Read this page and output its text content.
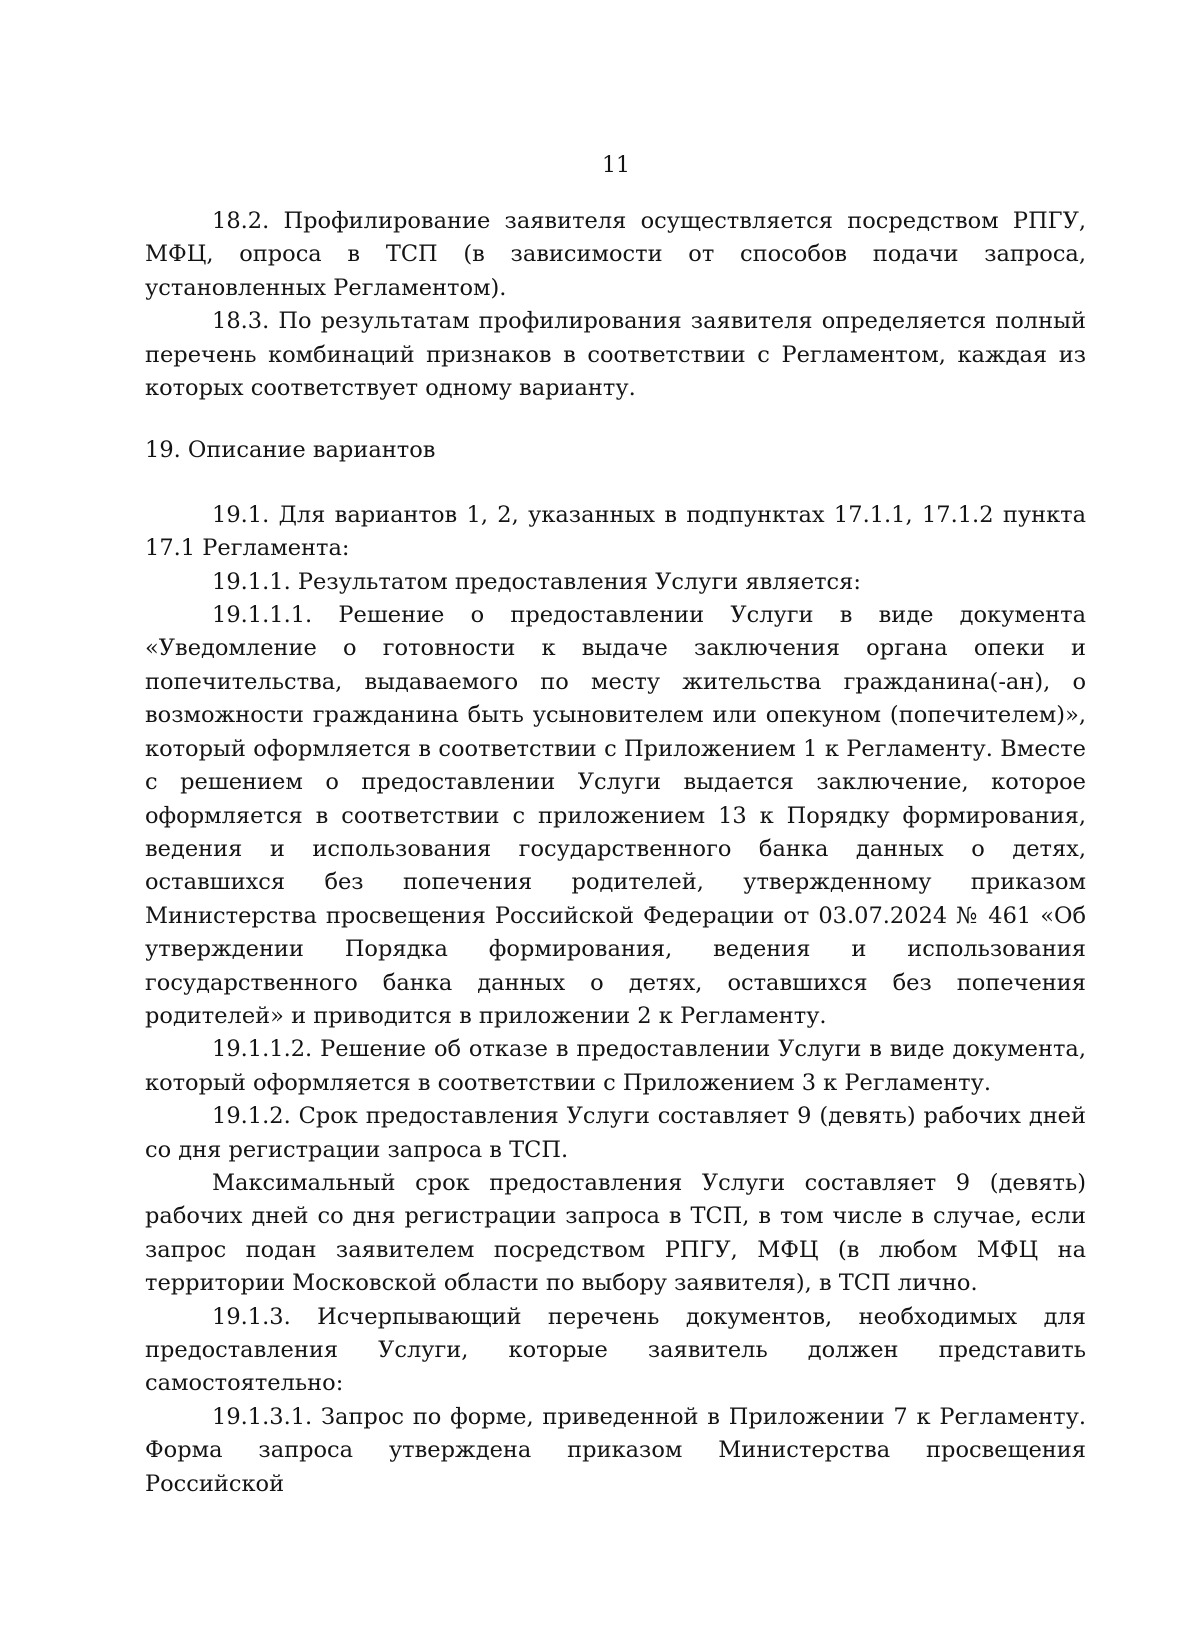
11

18.2. Профилирование заявителя осуществляется посредством РПГУ, МФЦ, опроса в ТСП (в зависимости от способов подачи запроса, установленных Регламентом).

18.3. По результатам профилирования заявителя определяется полный перечень комбинаций признаков в соответствии с Регламентом, каждая из которых соответствует одному варианту.

19. Описание вариантов

19.1. Для вариантов 1, 2, указанных в подпунктах 17.1.1, 17.1.2 пункта 17.1 Регламента:

19.1.1. Результатом предоставления Услуги является:

19.1.1.1. Решение о предоставлении Услуги в виде документа «Уведомление о готовности к выдаче заключения органа опеки и попечительства, выдаваемого по месту жительства гражданина(-ан), о возможности гражданина быть усыновителем или опекуном (попечителем)», который оформляется в соответствии с Приложением 1 к Регламенту. Вместе с решением о предоставлении Услуги выдается заключение, которое оформляется в соответствии с приложением 13 к Порядку формирования, ведения и использования государственного банка данных о детях, оставшихся без попечения родителей, утвержденному приказом Министерства просвещения Российской Федерации от 03.07.2024 № 461 «Об утверждении Порядка формирования, ведения и использования государственного банка данных о детях, оставшихся без попечения родителей» и приводится в приложении 2 к Регламенту.

19.1.1.2. Решение об отказе в предоставлении Услуги в виде документа, который оформляется в соответствии с Приложением 3 к Регламенту.

19.1.2. Срок предоставления Услуги составляет 9 (девять) рабочих дней со дня регистрации запроса в ТСП.

Максимальный срок предоставления Услуги составляет 9 (девять) рабочих дней со дня регистрации запроса в ТСП, в том числе в случае, если запрос подан заявителем посредством РПГУ, МФЦ (в любом МФЦ на территории Московской области по выбору заявителя), в ТСП лично.

19.1.3. Исчерпывающий перечень документов, необходимых для предоставления Услуги, которые заявитель должен представить самостоятельно:

19.1.3.1. Запрос по форме, приведенной в Приложении 7 к Регламенту. Форма запроса утверждена приказом Министерства просвещения Российской
